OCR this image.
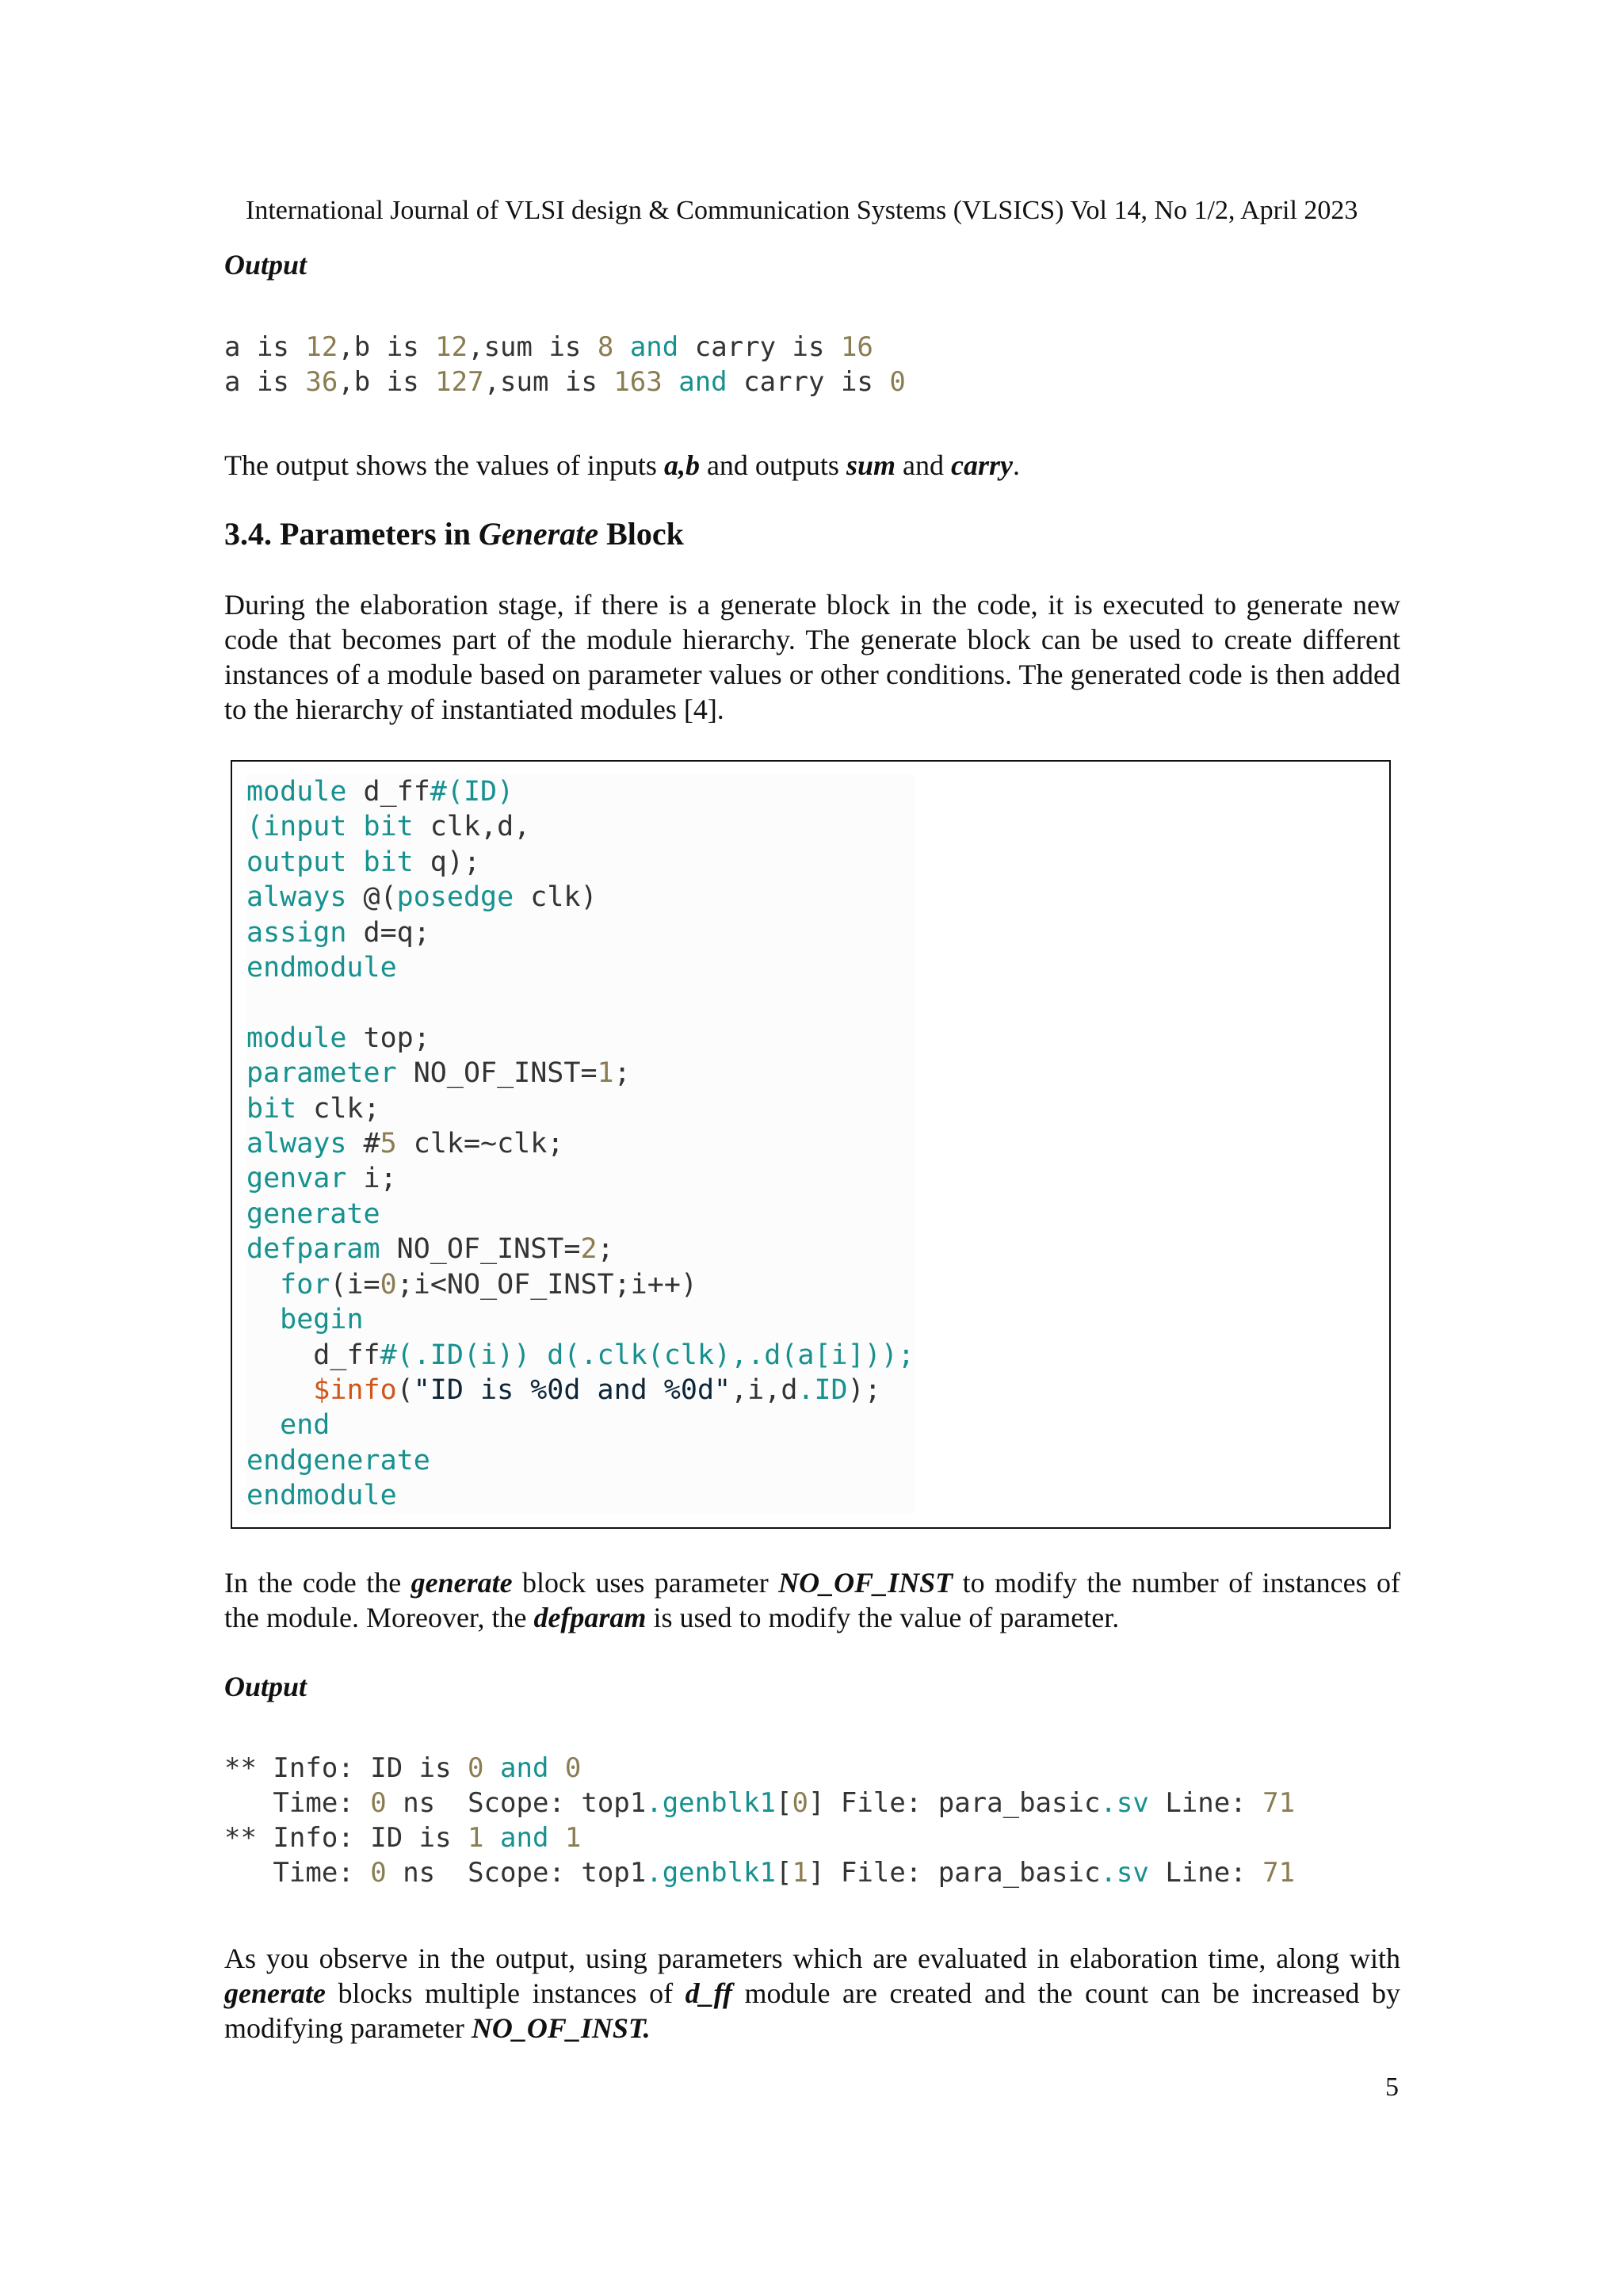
International Journal of VLSI design & Communication Systems (VLSICS) Vol 14, No 1/2, April 2023
Output
a is 12,b is 12,sum is 8 and carry is 16
a is 36,b is 127,sum is 163 and carry is 0
The output shows the values of inputs a,b and outputs sum and carry.
3.4. Parameters in Generate Block
During the elaboration stage, if there is a generate block in the code, it is executed to generate new code that becomes part of the module hierarchy. The generate block can be used to create different instances of a module based on parameter values or other conditions. The generated code is then added to the hierarchy of instantiated modules [4].
module d_ff#(ID)
(input bit clk,d,
output bit q);
always @(posedge clk)
assign d=q;
endmodule

module top;
parameter NO_OF_INST=1;
bit clk;
always #5 clk=~clk;
genvar i;
generate
defparam NO_OF_INST=2;
for(i=0;i<NO_OF_INST;i++)
begin
d_ff#(.ID(i)) d(.clk(clk),.d(a[i]));
$info("ID is %0d and %0d",i,d.ID);
end
endgenerate
endmodule
In the code the generate block uses parameter NO_OF_INST to modify the number of instances of the module. Moreover, the defparam is used to modify the value of parameter.
Output
** Info: ID is 0 and 0
Time: 0 ns  Scope: top1.genblk1[0] File: para_basic.sv Line: 71
** Info: ID is 1 and 1
Time: 0 ns  Scope: top1.genblk1[1] File: para_basic.sv Line: 71
As you observe in the output, using parameters which are evaluated in elaboration time, along with generate blocks multiple instances of d_ff module are created and the count can be increased by modifying parameter NO_OF_INST.
5
